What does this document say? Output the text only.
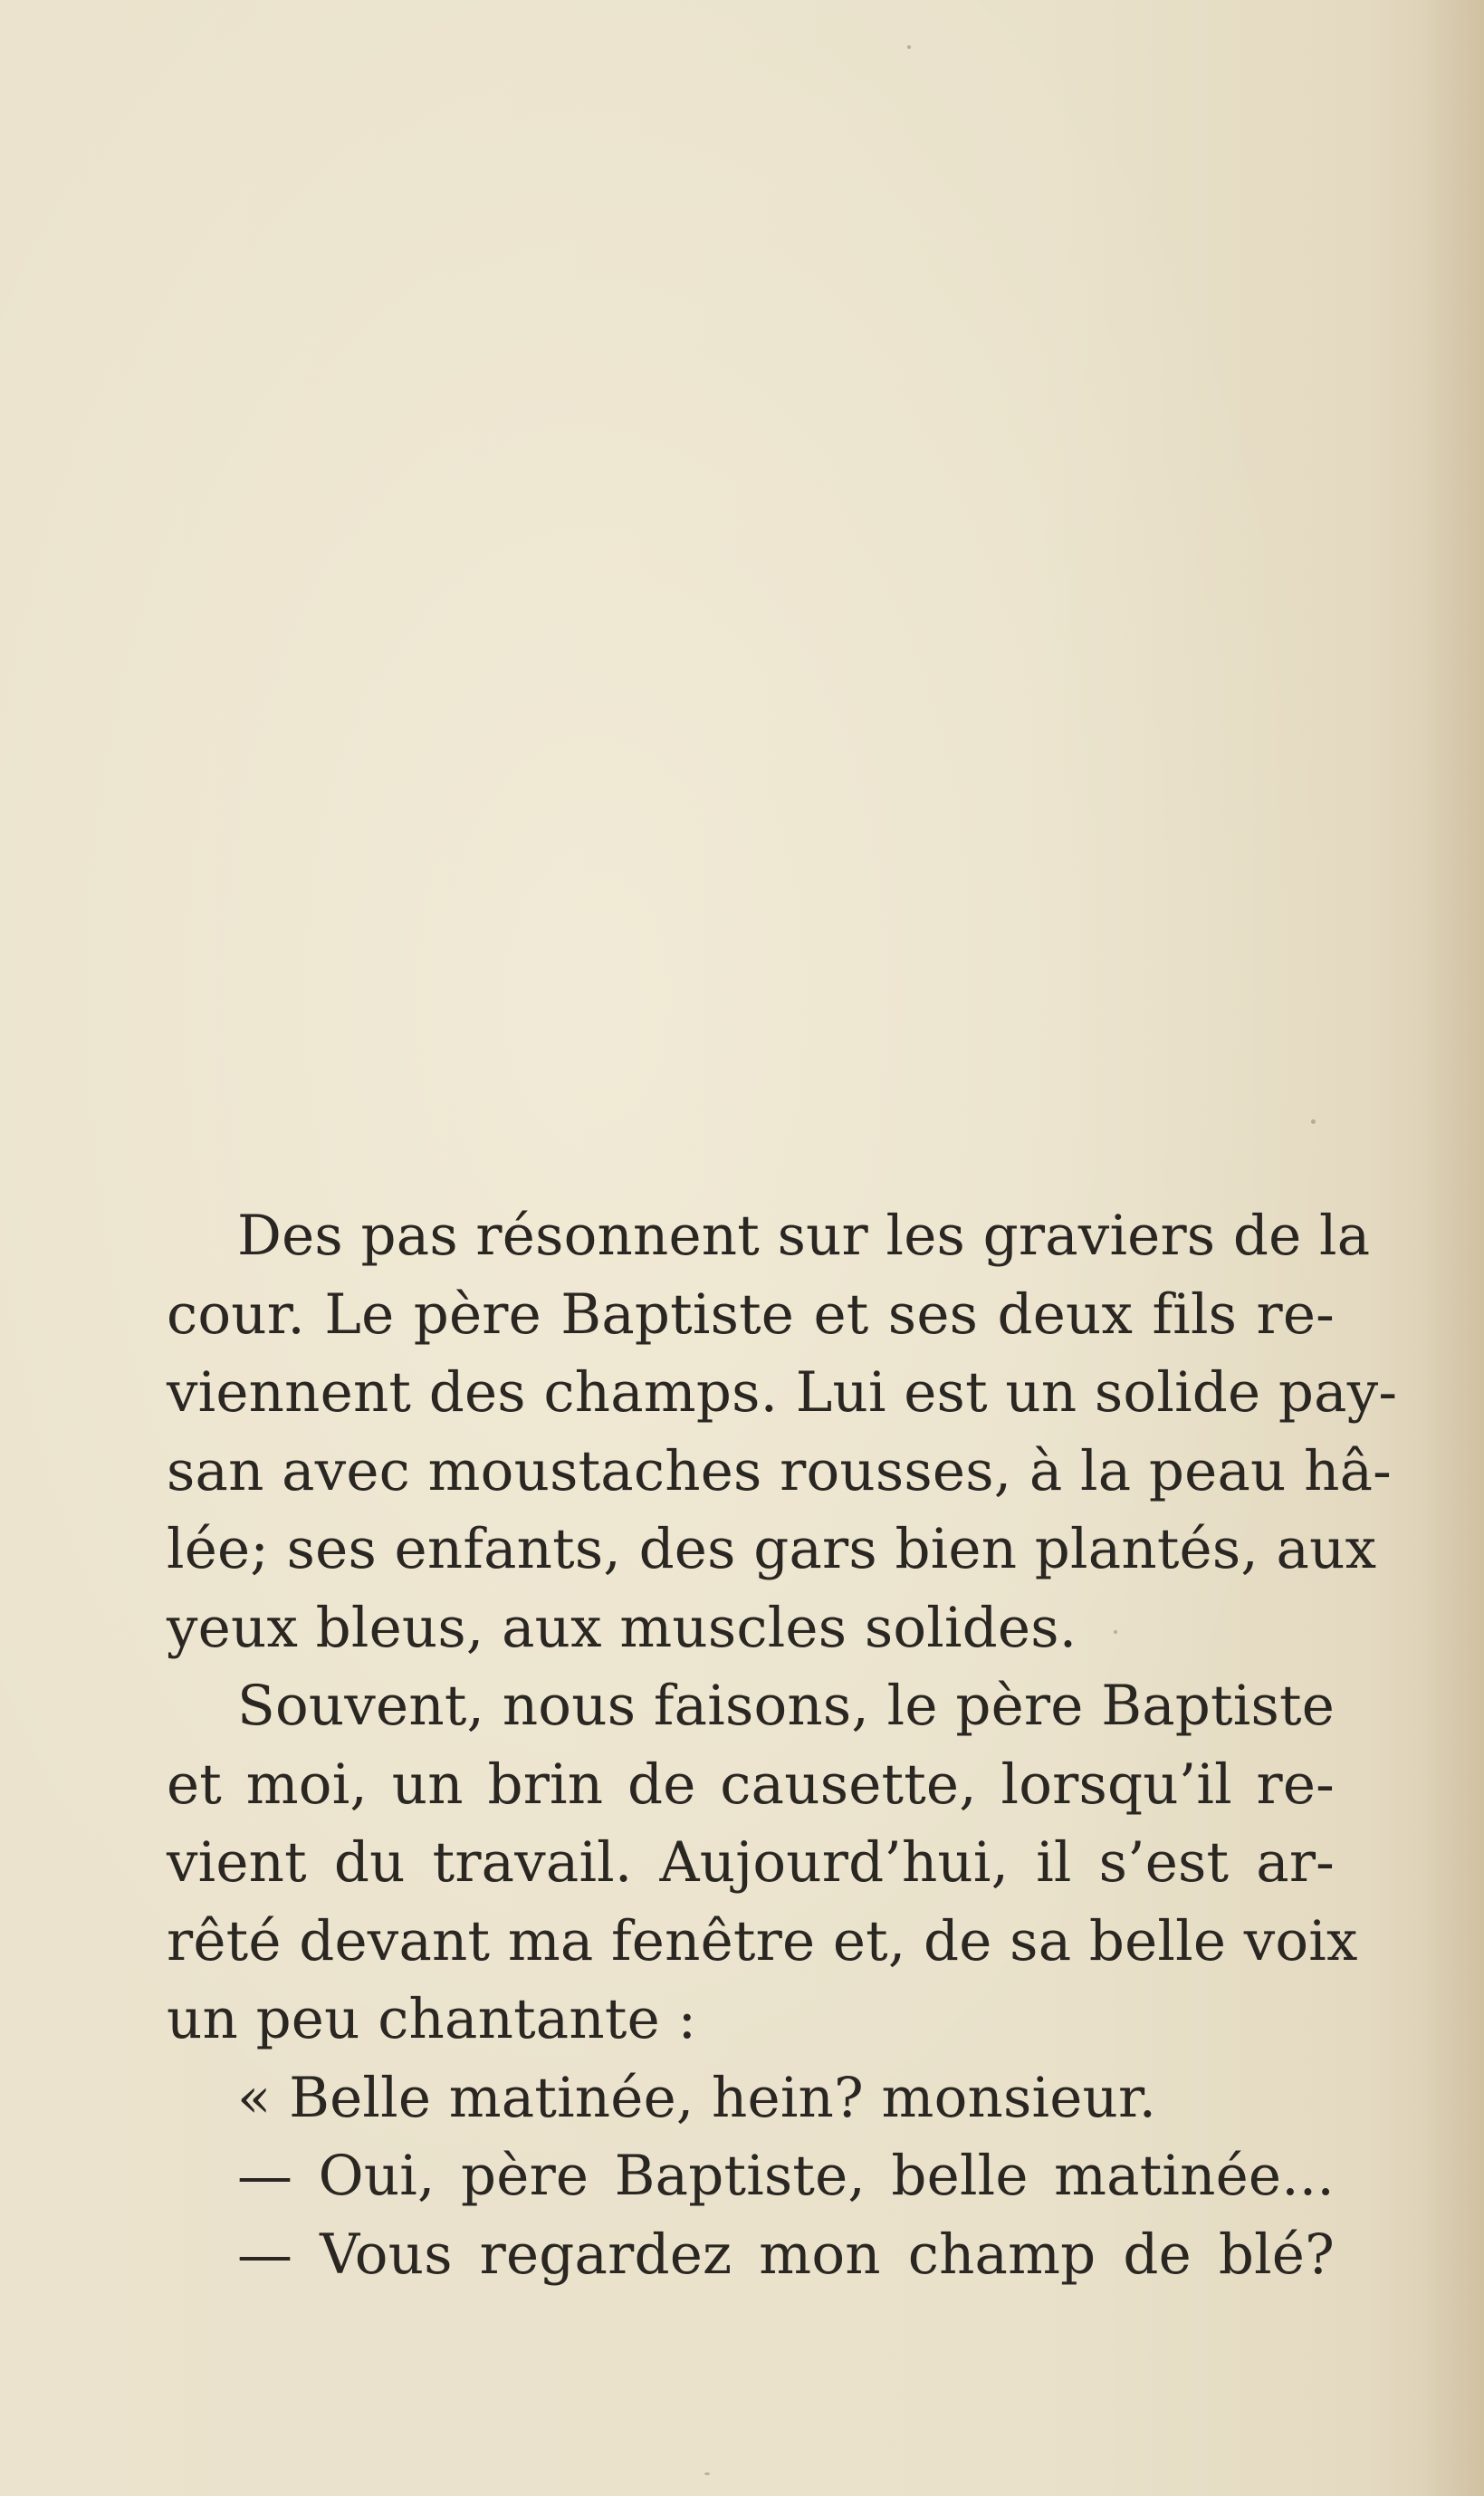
Des pas résonnent sur les graviers de la
cour. Le père Baptiste et ses deux fils re-
viennent des champs. Lui est un solide pay-
san avec moustaches rousses, à la peau hâ-
lée; ses enfants, des gars bien plantés, aux
yeux bleus, aux muscles solides.
Souvent, nous faisons, le père Baptiste
et moi, un brin de causette, lorsqu’il re-
vient du travail. Aujourd’hui, il s’est ar-
rêté devant ma fenêtre et, de sa belle voix
un peu chantante :
« Belle matinée, hein? monsieur.
— Oui, père Baptiste, belle matinée...
— Vous regardez mon champ de blé?
